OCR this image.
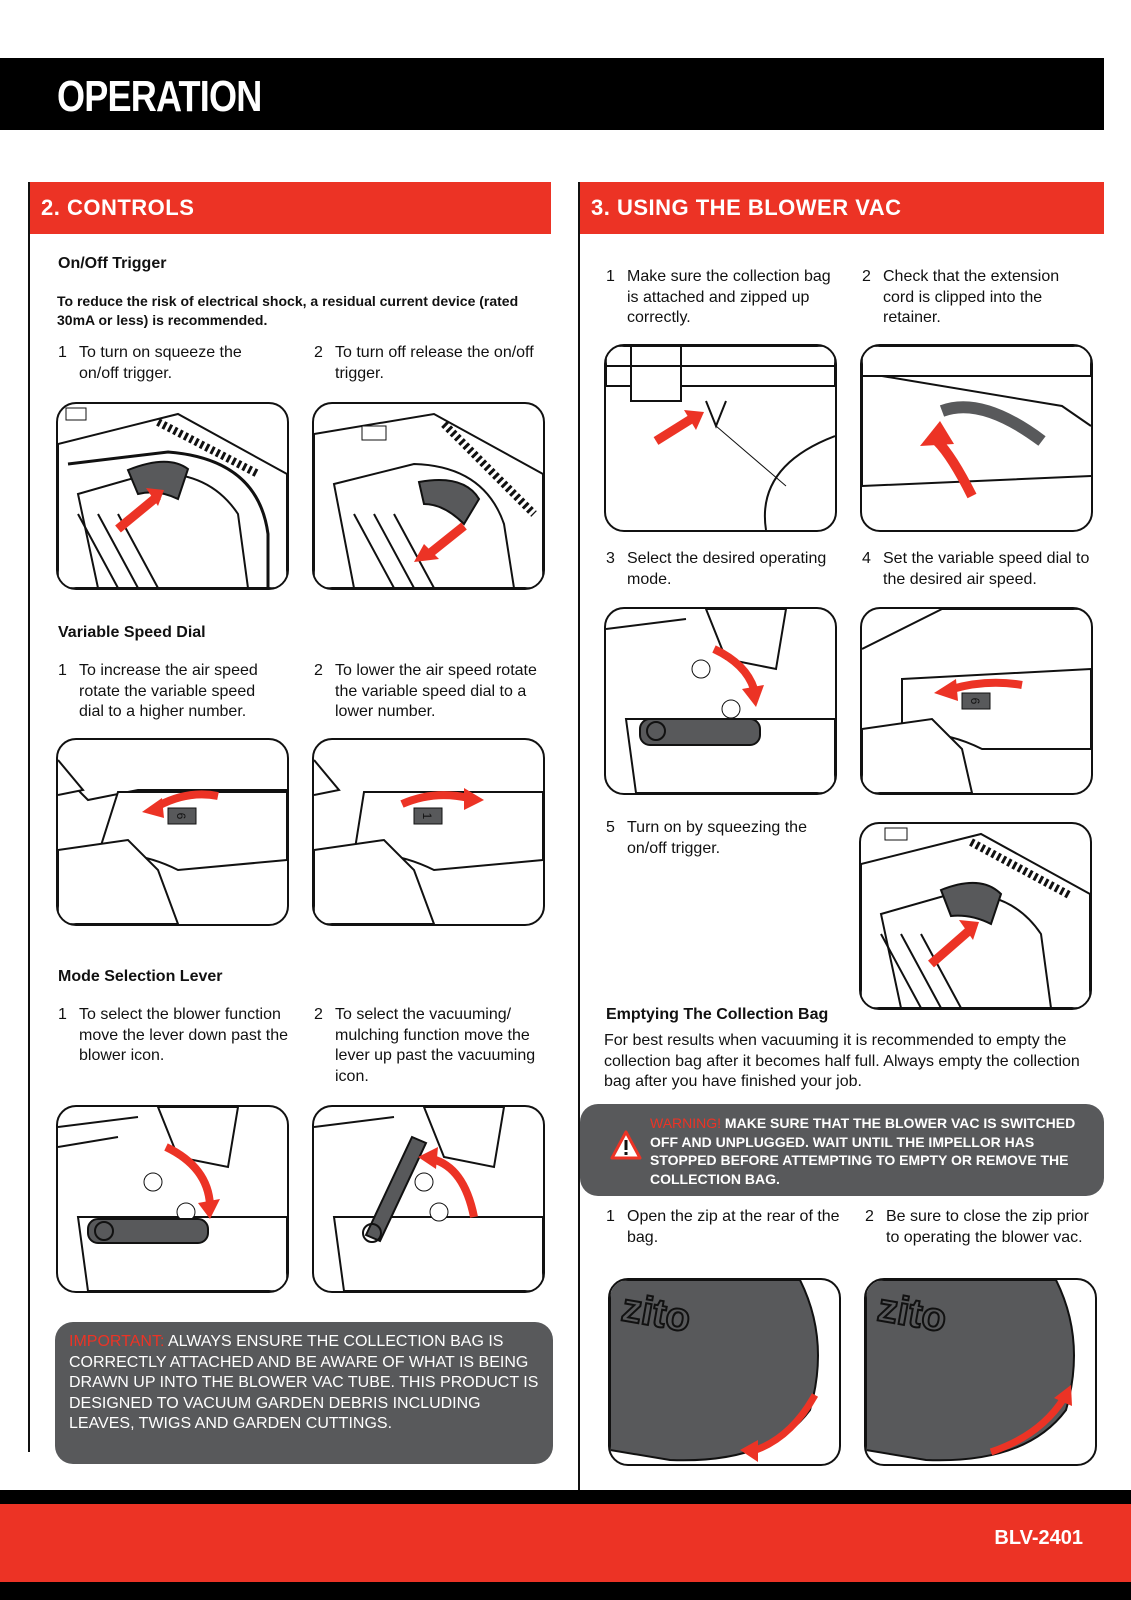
OPERATION
2. CONTROLS
On/Off Trigger
To reduce the risk of electrical shock, a residual current device (rated 30mA or less) is recommended.
1 To turn on squeeze the on/off trigger.
2 To turn off release the on/off trigger.
Variable Speed Dial
1 To increase the air speed rotate the variable speed dial to a higher number.
2 To lower the air speed rotate the variable speed dial to a lower number.
6	1
Mode Selection Lever
1 To select the blower function move the lever down past the blower icon.
2 To select the vacuuming/ mulching function move the lever up past the vacuuming icon.
IMPORTANT: ALWAYS ENSURE THE COLLECTION BAG IS CORRECTLY ATTACHED AND BE AWARE OF WHAT IS BEING DRAWN UP INTO THE BLOWER VAC TUBE. THIS PRODUCT IS DESIGNED TO VACUUM GARDEN DEBRIS INCLUDING LEAVES, TWIGS AND GARDEN CUTTINGS.
3. USING THE BLOWER VAC
1 Make sure the collection bag is attached and zipped up correctly.
2 Check that the extension cord is clipped into the retainer.
3 Select the desired operating mode.
4 Set the variable speed dial to the desired air speed.
6
5 Turn on by squeezing the on/off trigger.
Emptying The Collection Bag
For best results when vacuuming it is recommended to empty the collection bag after it becomes half full. Always empty the collection bag after you have finished your job.
WARNING! MAKE SURE THAT THE BLOWER VAC IS SWITCHED OFF AND UNPLUGGED. WAIT UNTIL THE IMPELLOR HAS STOPPED BEFORE ATTEMPTING TO EMPTY OR REMOVE THE COLLECTION BAG.
1 Open the zip at the rear of the bag.
2 Be sure to close the zip prior to operating the blower vac.
zito	zito
BLV-2401
